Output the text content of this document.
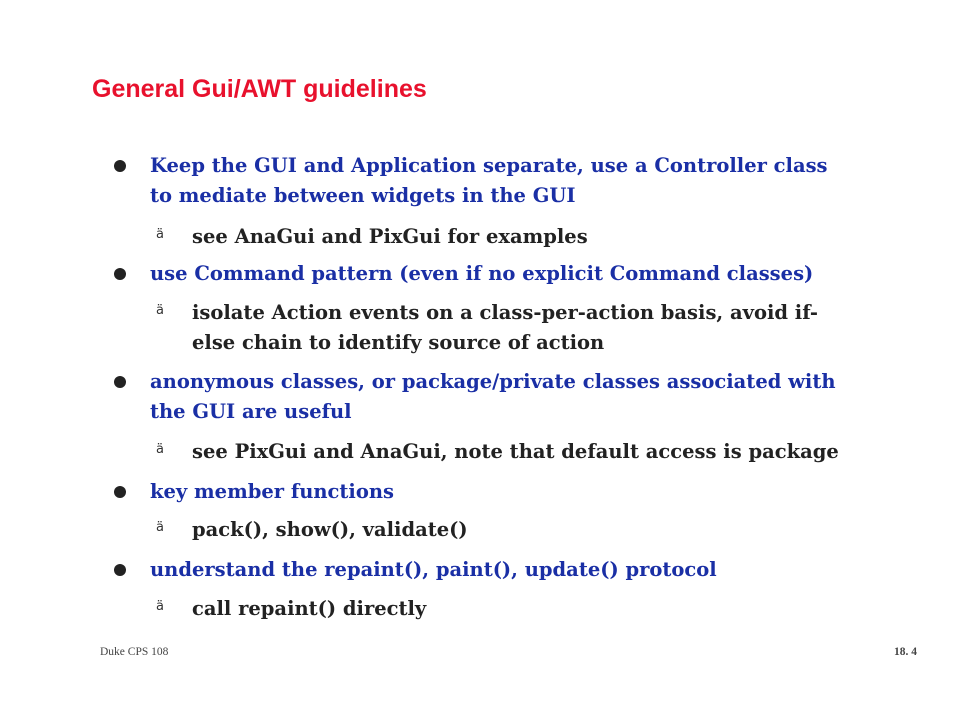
General Gui/AWT guidelines
Keep the GUI and Application separate, use a Controller class
to mediate between widgets in the GUI
ä	see AnaGui and PixGui for examples
use Command pattern (even if no explicit Command classes)
ä	isolate Action events on a class-per-action basis, avoid if-
else chain to identify source of action
anonymous classes, or package/private classes associated with
the GUI are useful
ä	see PixGui and AnaGui, note that default access is package
key member functions
ä	pack(), show(), validate()
understand the repaint(), paint(), update() protocol
ä	call repaint() directly
Duke CPS 108	18. 4
